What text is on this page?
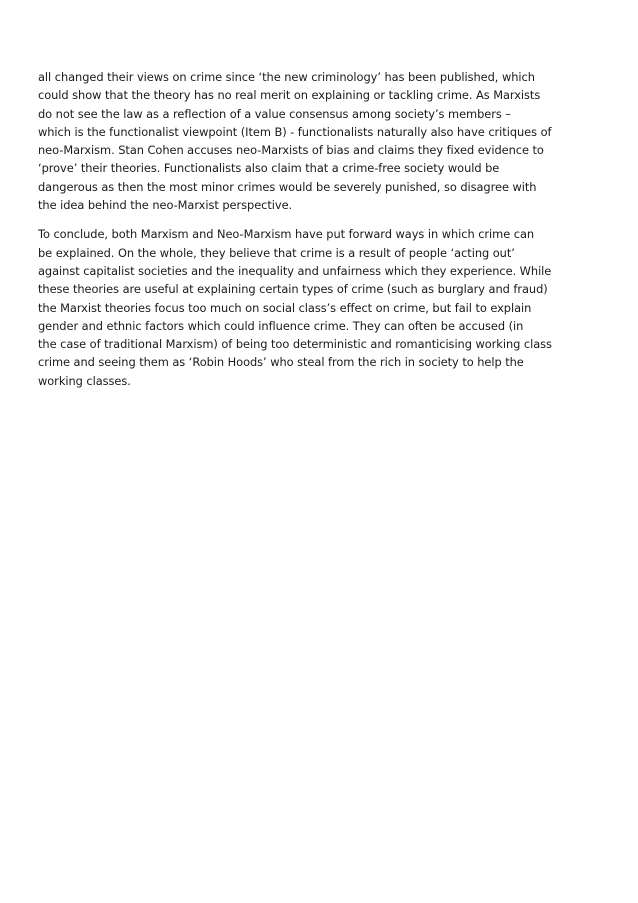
all changed their views on crime since ‘the new criminology’ has been published, which
could show that the theory has no real merit on explaining or tackling crime. As Marxists
do not see the law as a reflection of a value consensus among society’s members –
which is the functionalist viewpoint (Item B) - functionalists naturally also have critiques of
neo-Marxism. Stan Cohen accuses neo-Marxists of bias and claims they fixed evidence to
‘prove’ their theories. Functionalists also claim that a crime-free society would be
dangerous as then the most minor crimes would be severely punished, so disagree with
the idea behind the neo-Marxist perspective.
To conclude, both Marxism and Neo-Marxism have put forward ways in which crime can
be explained. On the whole, they believe that crime is a result of people ‘acting out’
against capitalist societies and the inequality and unfairness which they experience. While
these theories are useful at explaining certain types of crime (such as burglary and fraud)
the Marxist theories focus too much on social class’s effect on crime, but fail to explain
gender and ethnic factors which could influence crime. They can often be accused (in
the case of traditional Marxism) of being too deterministic and romanticising working class
crime and seeing them as ‘Robin Hoods’ who steal from the rich in society to help the
working classes.
